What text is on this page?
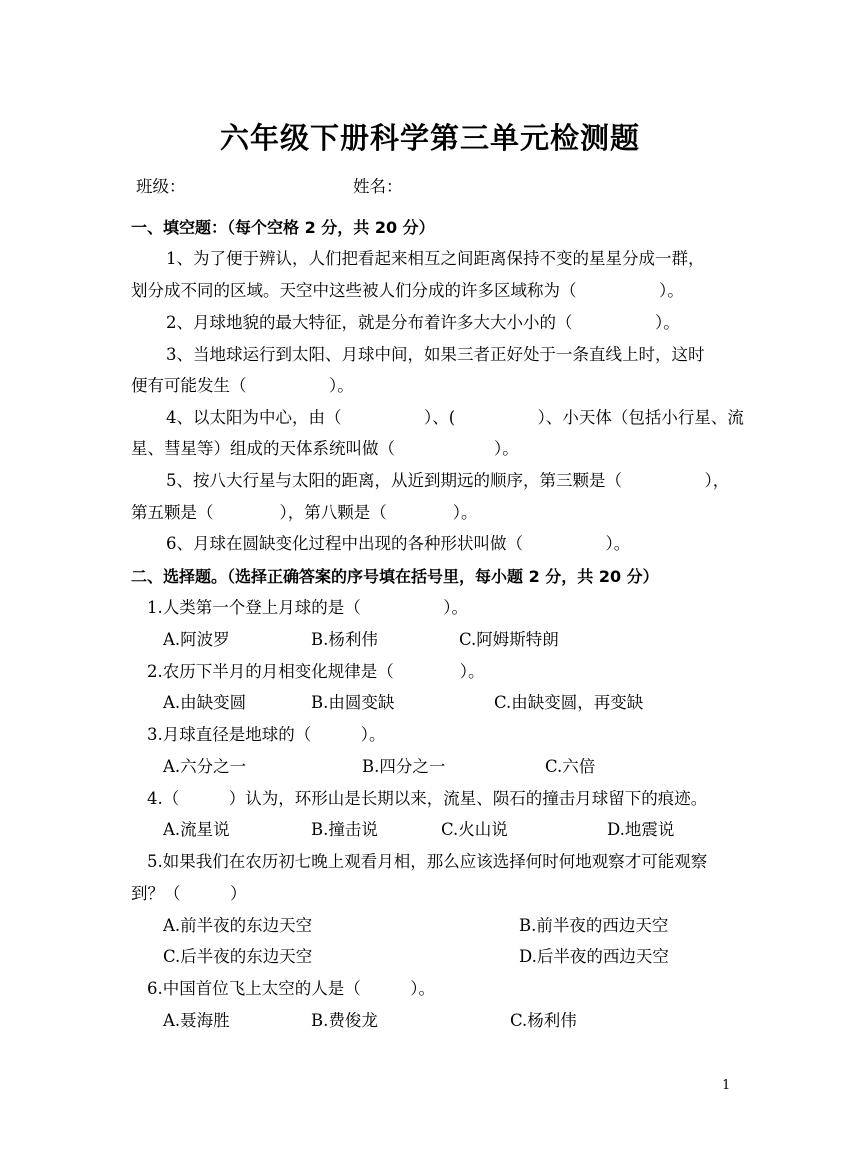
六年级下册科学第三单元检测题
班级：	姓名：
一、填空题：（每个空格 2 分，共 20 分）
1、为了便于辨认，人们把看起来相互之间距离保持不变的星星分成一群，
划分成不同的区域。天空中这些被人们分成的许多区域称为（　　　　　）。
2、月球地貌的最大特征，就是分布着许多大大小小的（　　　　　）。
3、当地球运行到太阳、月球中间，如果三者正好处于一条直线上时，这时
便有可能发生（　　　　　）。
4、以太阳为中心，由（　　　　　）、(　　　　　）、小天体（包括小行星、流
星、彗星等）组成的天体系统叫做（　　　　　　）。
5、按八大行星与太阳的距离，从近到期远的顺序，第三颗是（　　　　　），
第五颗是（　　　　），第八颗是（　　　　）。
6、月球在圆缺变化过程中出现的各种形状叫做（　　　　　）。
二、选择题。（选择正确答案的序号填在括号里，每小题 2 分，共 20 分）
1.人类第一个登上月球的是（　　　　　）。
A.阿波罗	B.杨利伟	C.阿姆斯特朗
2.农历下半月的月相变化规律是（　　　　）。
A.由缺变圆	B.由圆变缺	C.由缺变圆，再变缺
3.月球直径是地球的（　　　）。
A.六分之一	B.四分之一	C.六倍
4.（　　　）认为，环形山是长期以来，流星、陨石的撞击月球留下的痕迹。
A.流星说	B.撞击说	C.火山说	D.地震说
5.如果我们在农历初七晚上观看月相，那么应该选择何时何地观察才可能观察
到？（　　　）
A.前半夜的东边天空	B.前半夜的西边天空
C.后半夜的东边天空	D.后半夜的西边天空
6.中国首位飞上太空的人是（　　　）。
A.聂海胜	B.费俊龙	C.杨利伟
1
